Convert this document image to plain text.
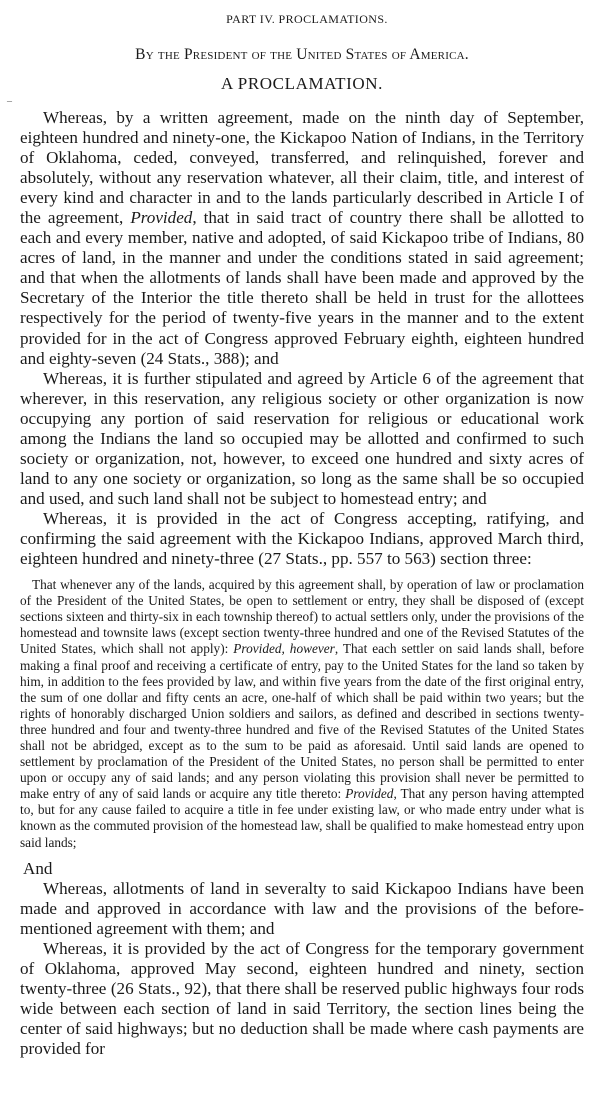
PART IV. PROCLAMATIONS.
By the President of the United States of America.
A PROCLAMATION.

Whereas, by a written agreement, made on the ninth day of September, eighteen hundred and ninety-one, the Kickapoo Nation of Indians, in the Territory of Oklahoma, ceded, conveyed, transferred, and relinquished, forever and absolutely, without any reservation whatever, all their claim, title, and interest of every kind and character in and to the lands particularly described in Article I of the agreement, Provided, that in said tract of country there shall be allotted to each and every member, native and adopted, of said Kickapoo tribe of Indians, 80 acres of land, in the manner and under the conditions stated in said agreement; and that when the allotments of lands shall have been made and approved by the Secretary of the Interior the title thereto shall be held in trust for the allottees respectively for the period of twenty-five years in the manner and to the extent provided for in the act of Congress approved February eighth, eighteen hundred and eighty-seven (24 Stats., 388); and

Whereas, it is further stipulated and agreed by Article 6 of the agreement that wherever, in this reservation, any religious society or other organization is now occupying any portion of said reservation for religious or educational work among the Indians the land so occupied may be allotted and confirmed to such society or organization, not, however, to exceed one hundred and sixty acres of land to any one society or organization, so long as the same shall be so occupied and used, and such land shall not be subject to homestead entry; and

Whereas, it is provided in the act of Congress accepting, ratifying, and confirming the said agreement with the Kickapoo Indians, approved March third, eighteen hundred and ninety-three (27 Stats., pp. 557 to 563) section three:

That whenever any of the lands, acquired by this agreement shall, by operation of law or proclamation of the President of the United States, be open to settlement or entry, they shall be disposed of (except sections sixteen and thirty-six in each township thereof) to actual settlers only, under the provisions of the homestead and townsite laws (except section twenty-three hundred and one of the Revised Statutes of the United States, which shall not apply): Provided, however, That each settler on said lands shall, before making a final proof and receiving a certificate of entry, pay to the United States for the land so taken by him, in addition to the fees provided by law, and within five years from the date of the first original entry, the sum of one dollar and fifty cents an acre, one-half of which shall be paid within two years; but the rights of honorably discharged Union soldiers and sailors, as defined and described in sections twenty-three hundred and four and twenty-three hundred and five of the Revised Statutes of the United States shall not be abridged, except as to the sum to be paid as aforesaid. Until said lands are opened to settlement by proclamation of the President of the United States, no person shall be permitted to enter upon or occupy any of said lands; and any person violating this provision shall never be permitted to make entry of any of said lands or acquire any title thereto: Provided, That any person having attempted to, but for any cause failed to acquire a title in fee under existing law, or who made entry under what is known as the commuted provision of the homestead law, shall be qualified to make homestead entry upon said lands;

And

Whereas, allotments of land in severalty to said Kickapoo Indians have been made and approved in accordance with law and the provisions of the before-mentioned agreement with them; and

Whereas, it is provided by the act of Congress for the temporary government of Oklahoma, approved May second, eighteen hundred and ninety, section twenty-three (26 Stats., 92), that there shall be reserved public highways four rods wide between each section of land in said Territory, the section lines being the center of said highways; but no deduction shall be made where cash payments are provided for

–
